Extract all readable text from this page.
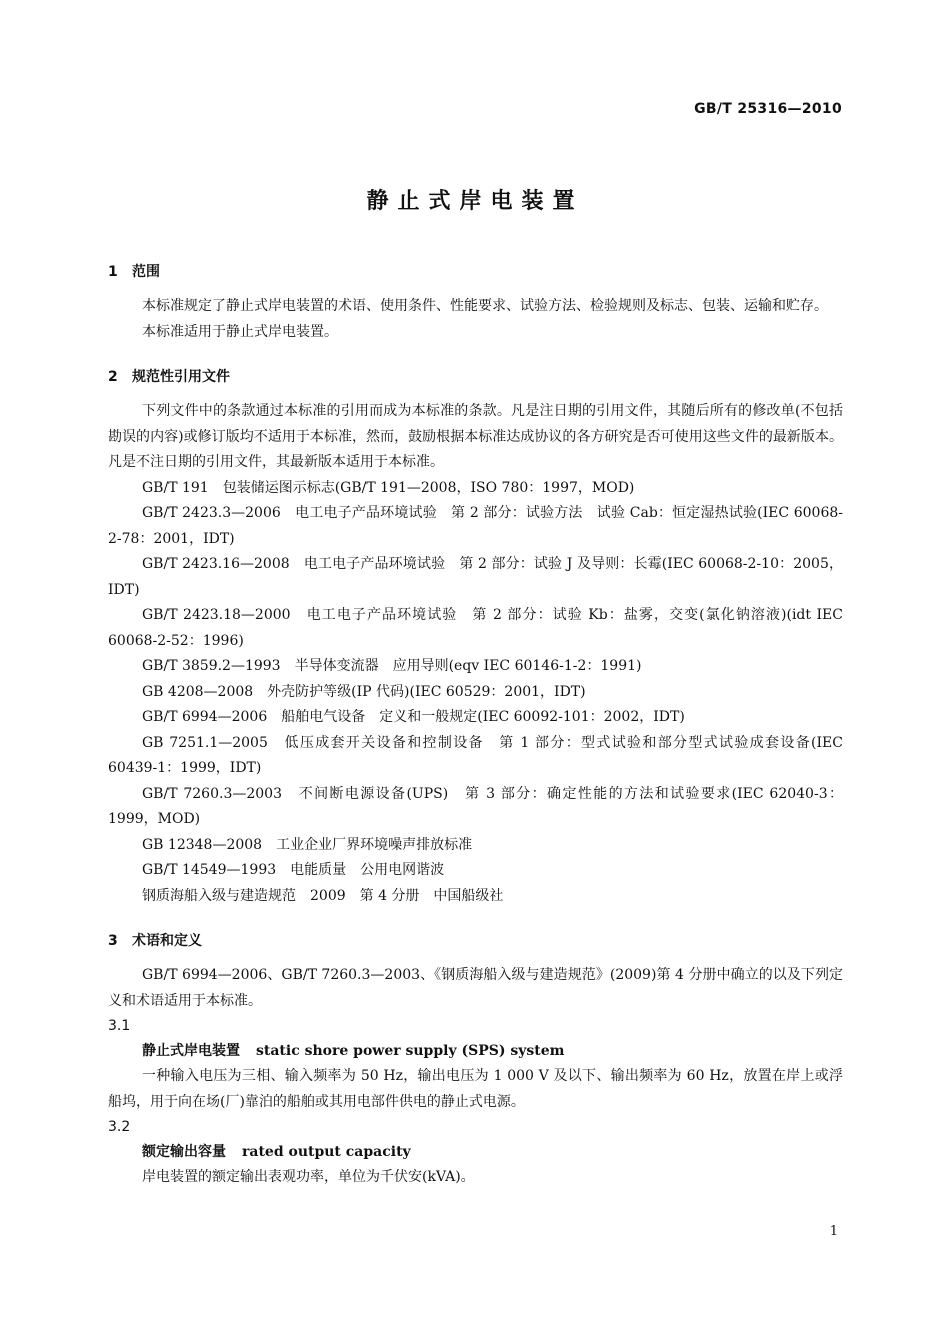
GB/T 25316—2010
静止式岸电装置
1 范围

本标准规定了静止式岸电装置的术语、使用条件、性能要求、试验方法、检验规则及标志、包装、运输和贮存。

本标准适用于静止式岸电装置。

2 规范性引用文件

下列文件中的条款通过本标准的引用而成为本标准的条款。凡是注日期的引用文件，其随后所有的修改单(不包括勘误的内容)或修订版均不适用于本标准，然而，鼓励根据本标准达成协议的各方研究是否可使用这些文件的最新版本。凡是不注日期的引用文件，其最新版本适用于本标准。

GB/T 191　包装储运图示标志(GB/T 191—2008，ISO 780：1997，MOD)

GB/T 2423.3—2006　电工电子产品环境试验　第 2 部分：试验方法　试验 Cab：恒定湿热试验(IEC 60068-2-78：2001，IDT)

GB/T 2423.16—2008　电工电子产品环境试验　第 2 部分：试验 J 及导则：长霉(IEC 60068-2-10：2005，IDT)

GB/T 2423.18—2000　电工电子产品环境试验　第 2 部分：试验 Kb：盐雾，交变(氯化钠溶液)(idt IEC 60068-2-52：1996)

GB/T 3859.2—1993　半导体变流器　应用导则(eqv IEC 60146-1-2：1991)

GB 4208—2008　外壳防护等级(IP 代码)(IEC 60529：2001，IDT)

GB/T 6994—2006　船舶电气设备　定义和一般规定(IEC 60092-101：2002，IDT)

GB 7251.1—2005　低压成套开关设备和控制设备　第 1 部分：型式试验和部分型式试验成套设备(IEC 60439-1：1999，IDT)

GB/T 7260.3—2003　不间断电源设备(UPS)　第 3 部分：确定性能的方法和试验要求(IEC 62040-3：1999，MOD)

GB 12348—2008　工业企业厂界环境噪声排放标准

GB/T 14549—1993　电能质量　公用电网谐波

钢质海船入级与建造规范　2009　第 4 分册　中国船级社

3 术语和定义

GB/T 6994—2006、GB/T 7260.3—2003、《钢质海船入级与建造规范》(2009)第 4 分册中确立的以及下列定义和术语适用于本标准。

3.1
静止式岸电装置 static shore power supply (SPS) system

一种输入电压为三相、输入频率为 50 Hz，输出电压为 1 000 V 及以下、输出频率为 60 Hz，放置在岸上或浮船坞，用于向在场(厂)靠泊的船舶或其用电部件供电的静止式电源。

3.2
额定输出容量 rated output capacity

岸电装置的额定输出表观功率，单位为千伏安(kVA)。

1
